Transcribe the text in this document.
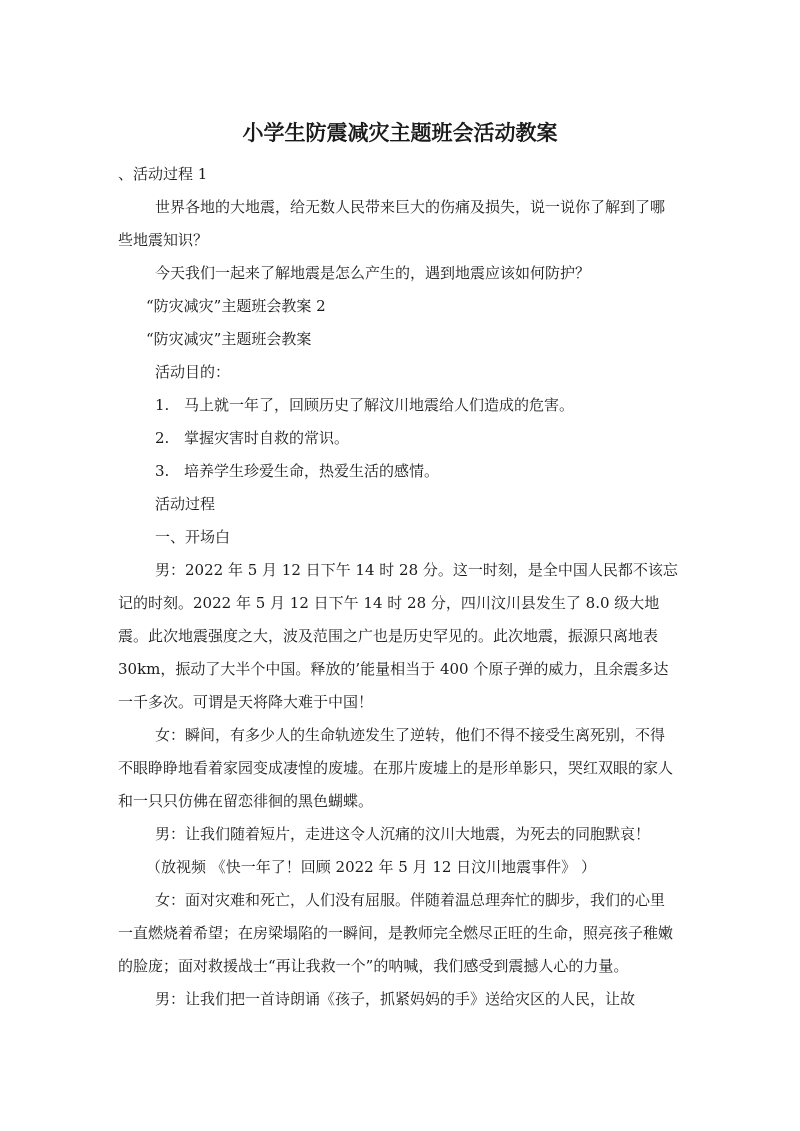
小学生防震减灾主题班会活动教案

、活动过程 1

世界各地的大地震，给无数人民带来巨大的伤痛及损失，说一说你了解到了哪些地震知识？

今天我们一起来了解地震是怎么产生的，遇到地震应该如何防护？

“防灾减灾”主题班会教案 2

“防灾减灾”主题班会教案

活动目的：

1. 马上就一年了，回顾历史了解汶川地震给人们造成的危害。

2. 掌握灾害时自救的常识。

3. 培养学生珍爱生命，热爱生活的感情。

活动过程

一、开场白

男：2022 年 5 月 12 日下午 14 时 28 分。这一时刻，是全中国人民都不该忘记的时刻。2022 年 5 月 12 日下午 14 时 28 分，四川汶川县发生了 8.0 级大地震。此次地震强度之大，波及范围之广也是历史罕见的。此次地震，振源只离地表 30km，振动了大半个中国。释放的’能量相当于 400 个原子弹的威力，且余震多达一千多次。可谓是天将降大难于中国！

女：瞬间，有多少人的生命轨迹发生了逆转，他们不得不接受生离死别，不得不眼睁睁地看着家园变成凄惶的废墟。在那片废墟上的是形单影只，哭红双眼的家人和一只只仿佛在留恋徘徊的黑色蝴蝶。

男：让我们随着短片，走进这令人沉痛的汶川大地震，为死去的同胞默哀！

（放视频 《快一年了！回顾 2022 年 5 月 12 日汶川地震事件》 ）

女：面对灾难和死亡，人们没有屈服。伴随着温总理奔忙的脚步，我们的心里一直燃烧着希望；在房梁塌陷的一瞬间，是教师完全燃尽正旺的生命，照亮孩子稚嫩的脸庞；面对救援战士“再让我救一个”的呐喊，我们感受到震撼人心的力量。

男：让我们把一首诗朗诵《孩子，抓紧妈妈的手》送给灾区的人民，让故
